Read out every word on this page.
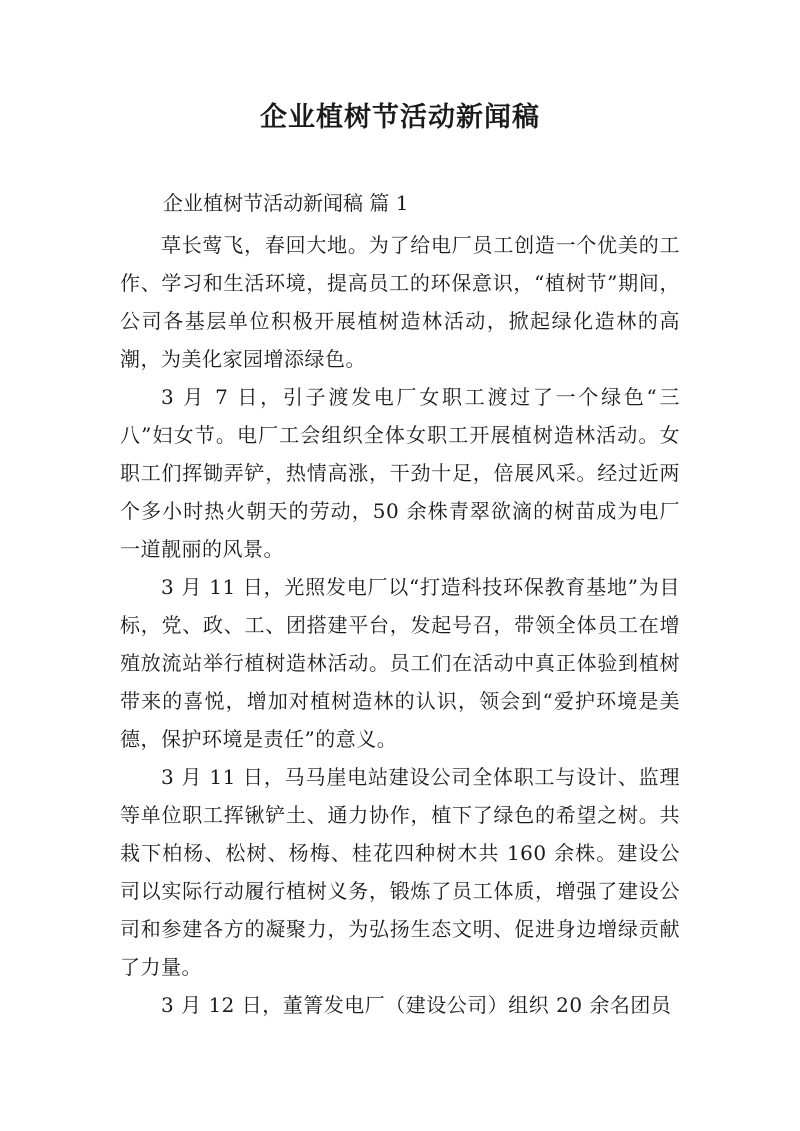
企业植树节活动新闻稿

企业植树节活动新闻稿 篇 1

草长莺飞，春回大地。为了给电厂员工创造一个优美的工作、学习和生活环境，提高员工的环保意识，“植树节”期间，公司各基层单位积极开展植树造林活动，掀起绿化造林的高潮，为美化家园增添绿色。

3 月 7 日，引子渡发电厂女职工渡过了一个绿色“三八”妇女节。电厂工会组织全体女职工开展植树造林活动。女职工们挥锄弄铲，热情高涨，干劲十足，倍展风采。经过近两个多小时热火朝天的劳动，50 余株青翠欲滴的树苗成为电厂一道靓丽的风景。

3 月 11 日，光照发电厂以“打造科技环保教育基地”为目标，党、政、工、团搭建平台，发起号召，带领全体员工在增殖放流站举行植树造林活动。员工们在活动中真正体验到植树带来的喜悦，增加对植树造林的认识，领会到“爱护环境是美德，保护环境是责任”的意义。

3 月 11 日，马马崖电站建设公司全体职工与设计、监理等单位职工挥锹铲土、通力协作，植下了绿色的希望之树。共栽下柏杨、松树、杨梅、桂花四种树木共 160 余株。建设公司以实际行动履行植树义务，锻炼了员工体质，增强了建设公司和参建各方的凝聚力，为弘扬生态文明、促进身边增绿贡献了力量。

3 月 12 日，董箐发电厂（建设公司）组织 20 余名团员
